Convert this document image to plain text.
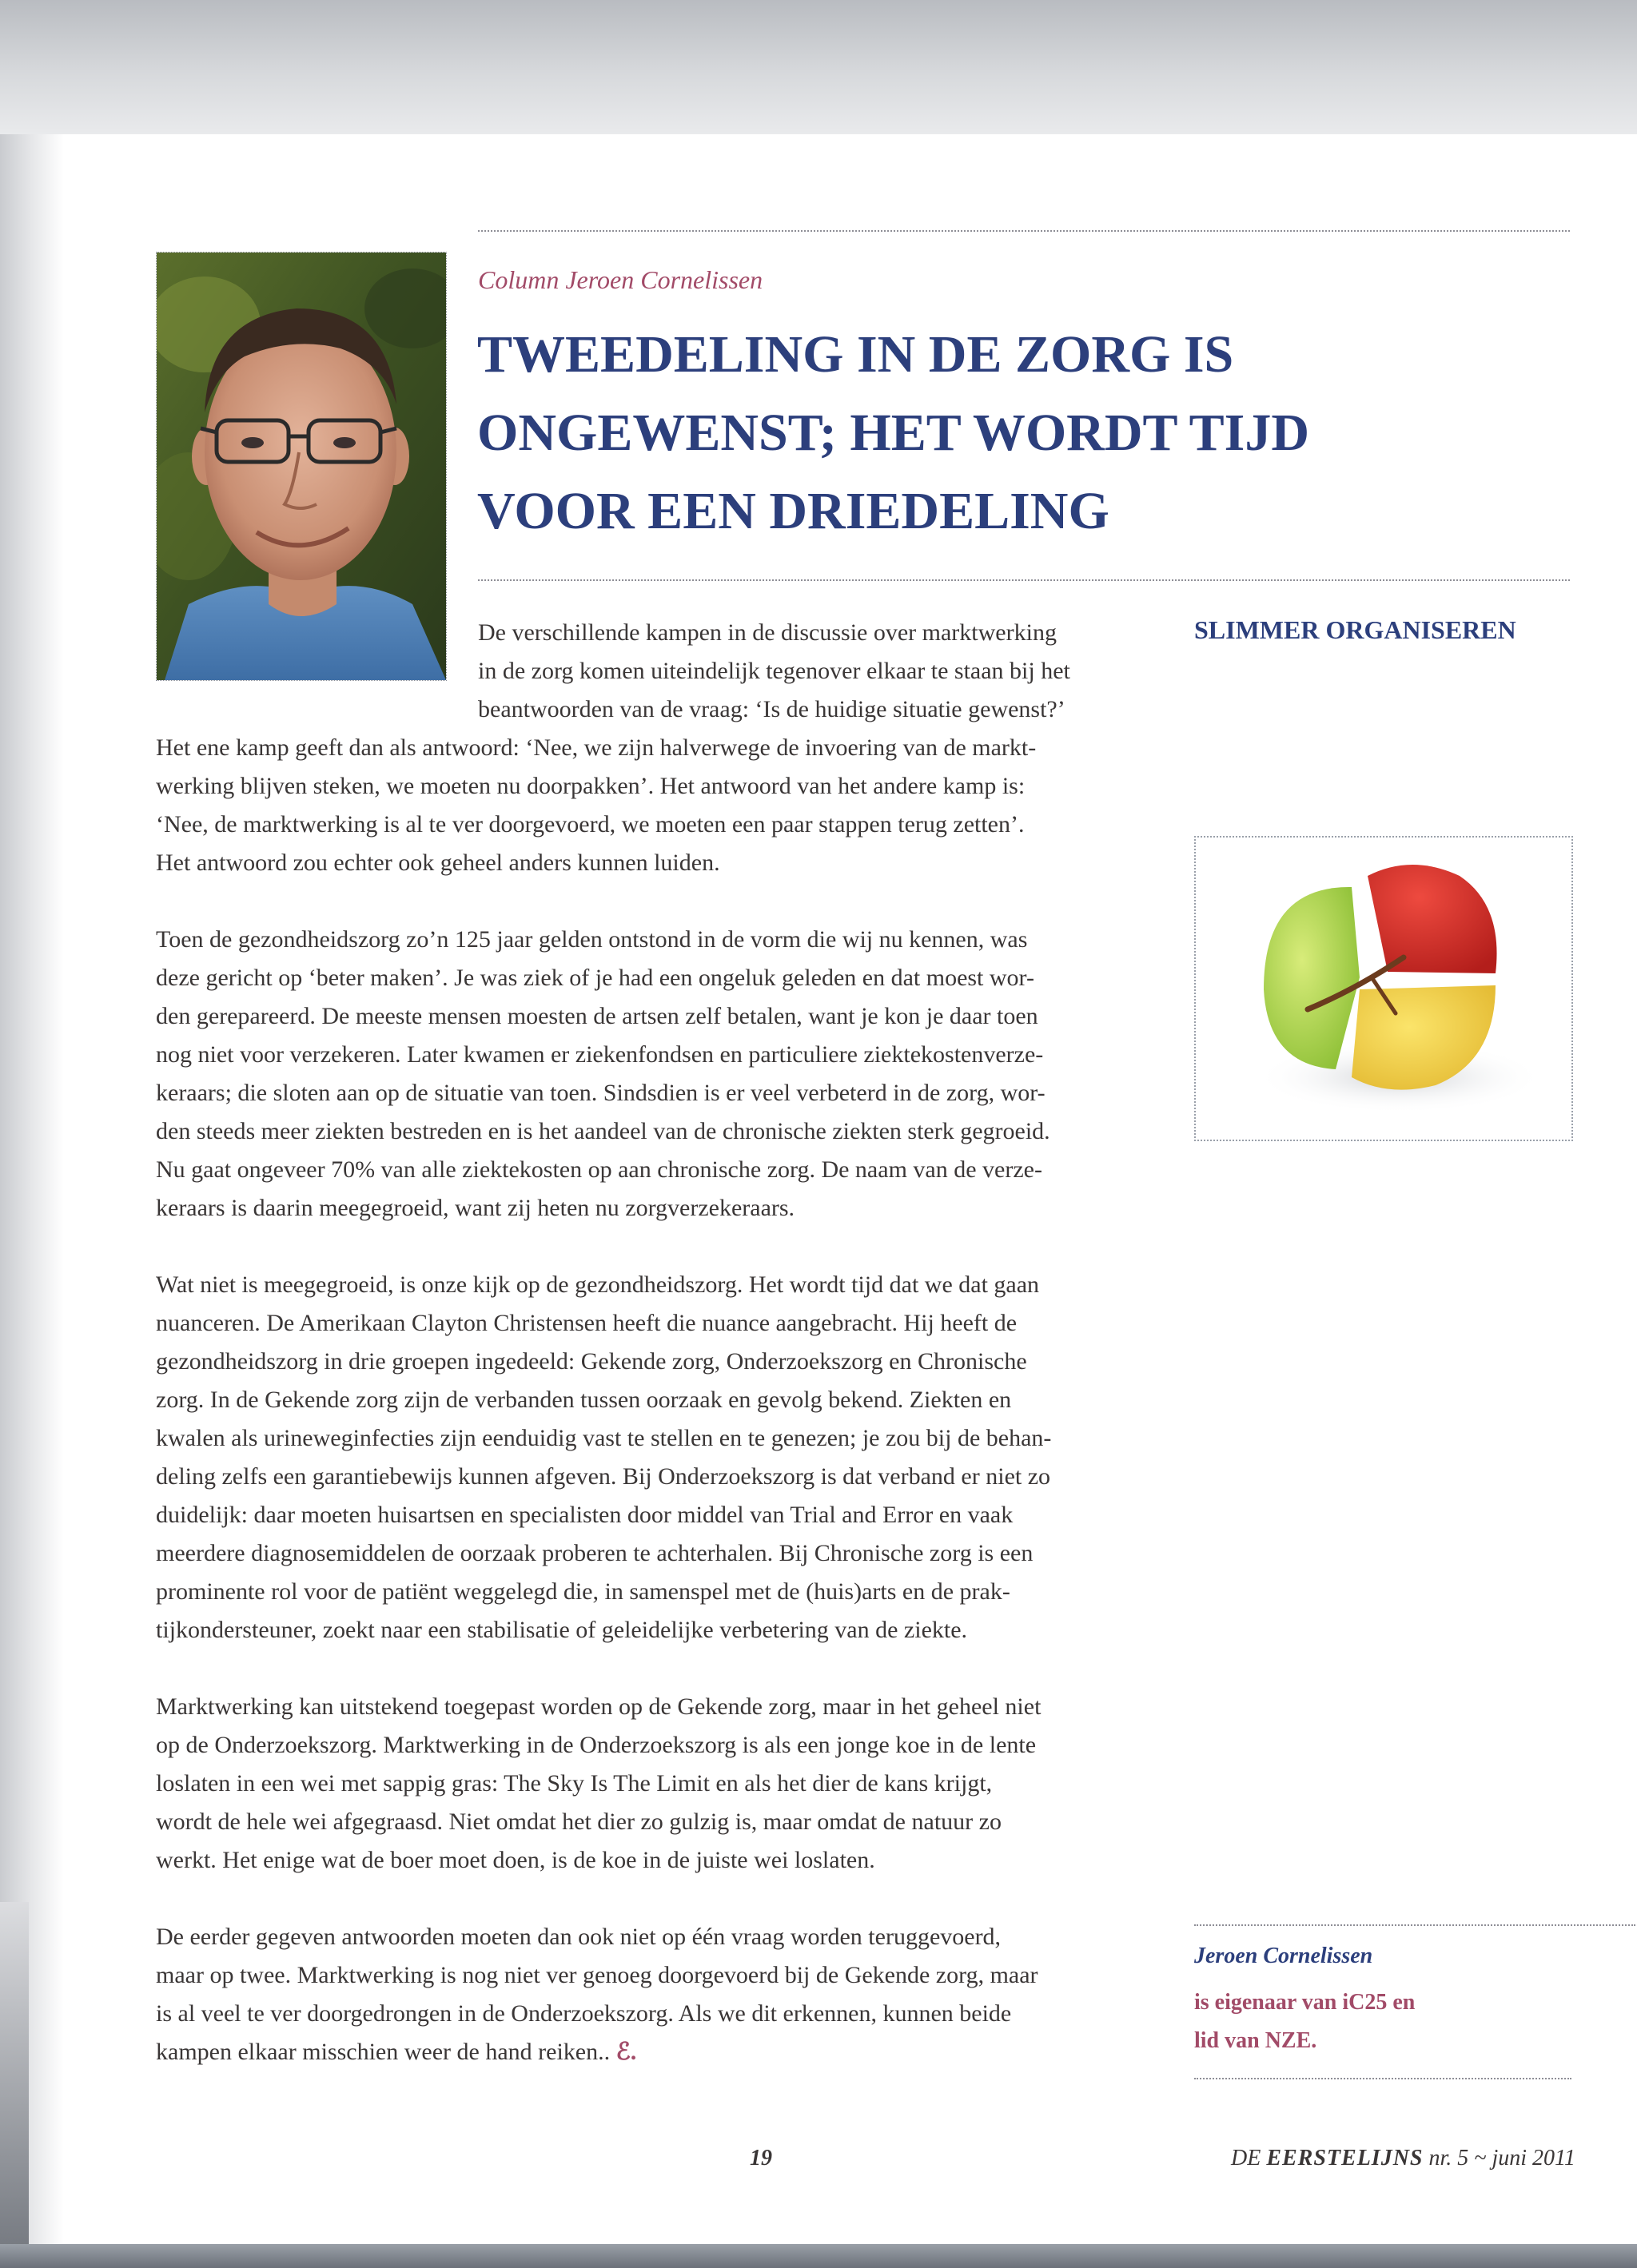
Column Jeroen Cornelissen
TWEEDELING IN DE ZORG IS
ONGEWENST; HET WORDT TIJD
VOOR EEN DRIEDELING
SLIMMER ORGANISEREN
De verschillende kampen in de discussie over marktwerking
in de zorg komen uiteindelijk tegenover elkaar te staan bij het
beantwoorden van de vraag: ‘Is de huidige situatie gewenst?’
Het ene kamp geeft dan als antwoord: ‘Nee, we zijn halverwege de invoering van de markt-
werking blijven steken, we moeten nu doorpakken’. Het antwoord van het andere kamp is:
‘Nee, de marktwerking is al te ver doorgevoerd, we moeten een paar stappen terug zetten’.
Het antwoord zou echter ook geheel anders kunnen luiden.
Toen de gezondheidszorg zo’n 125 jaar gelden ontstond in de vorm die wij nu kennen, was
deze gericht op ‘beter maken’. Je was ziek of je had een ongeluk geleden en dat moest wor-
den gerepareerd. De meeste mensen moesten de artsen zelf betalen, want je kon je daar toen
nog niet voor verzekeren. Later kwamen er ziekenfondsen en particuliere ziektekostenverze-
keraars; die sloten aan op de situatie van toen. Sindsdien is er veel verbeterd in de zorg, wor-
den steeds meer ziekten bestreden en is het aandeel van de chronische ziekten sterk gegroeid.
Nu gaat ongeveer 70% van alle ziektekosten op aan chronische zorg. De naam van de verze-
keraars is daarin meegegroeid, want zij heten nu zorgverzekeraars.
Wat niet is meegegroeid, is onze kijk op de gezondheidszorg. Het wordt tijd dat we dat gaan
nuanceren. De Amerikaan Clayton Christensen heeft die nuance aangebracht. Hij heeft de
gezondheidszorg in drie groepen ingedeeld: Gekende zorg, Onderzoekszorg en Chronische
zorg. In de Gekende zorg zijn de verbanden tussen oorzaak en gevolg bekend. Ziekten en
kwalen als urineweginfecties zijn eenduidig vast te stellen en te genezen; je zou bij de behan-
deling zelfs een garantiebewijs kunnen afgeven. Bij Onderzoekszorg is dat verband er niet zo
duidelijk: daar moeten huisartsen en specialisten door middel van Trial and Error en vaak
meerdere diagnosemiddelen de oorzaak proberen te achterhalen. Bij Chronische zorg is een
prominente rol voor de patiënt weggelegd die, in samenspel met de (huis)arts en de prak-
tijkondersteuner, zoekt naar een stabilisatie of geleidelijke verbetering van de ziekte.
Marktwerking kan uitstekend toegepast worden op de Gekende zorg, maar in het geheel niet
op de Onderzoekszorg. Marktwerking in de Onderzoekszorg is als een jonge koe in de lente
loslaten in een wei met sappig gras: The Sky Is The Limit en als het dier de kans krijgt,
wordt de hele wei afgegraasd. Niet omdat het dier zo gulzig is, maar omdat de natuur zo
werkt. Het enige wat de boer moet doen, is de koe in de juiste wei loslaten.
De eerder gegeven antwoorden moeten dan ook niet op één vraag worden teruggevoerd,
maar op twee. Marktwerking is nog niet ver genoeg doorgevoerd bij de Gekende zorg, maar
is al veel te ver doorgedrongen in de Onderzoekszorg. Als we dit erkennen, kunnen beide
kampen elkaar misschien weer de hand reiken.. ℰ.
Jeroen Cornelissen
is eigenaar van iC25 en
lid van NZE.
19	DE EERSTELIJNS nr. 5 ~ juni 2011
